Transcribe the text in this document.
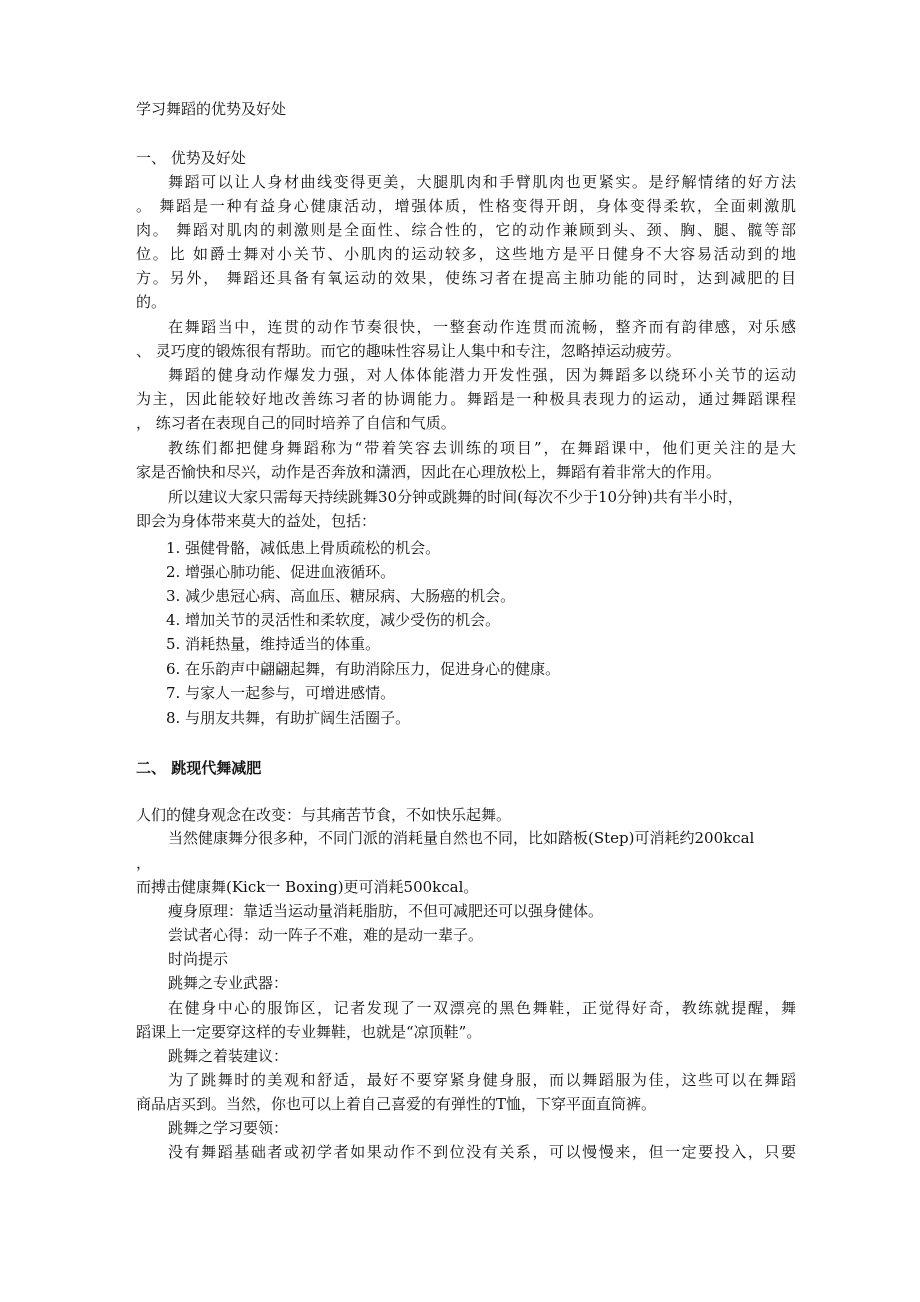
学习舞蹈的优势及好处
一、 优势及好处
舞蹈可以让人身材曲线变得更美，大腿肌肉和手臂肌肉也更紧实。是纾解情绪的好方法
。 舞蹈是一种有益身心健康活动，增强体质，性格变得开朗，身体变得柔软，全面刺激肌
肉。 舞蹈对肌肉的刺激则是全面性、综合性的，它的动作兼顾到头、颈、胸、腿、髋等部
位。比 如爵士舞对小关节、小肌肉的运动较多，这些地方是平日健身不大容易活动到的地
方。另外， 舞蹈还具备有氧运动的效果，使练习者在提高主肺功能的同时，达到减肥的目
的。
在舞蹈当中，连贯的动作节奏很快，一整套动作连贯而流畅，整齐而有韵律感，对乐感
、 灵巧度的锻炼很有帮助。而它的趣味性容易让人集中和专注，忽略掉运动疲劳。
舞蹈的健身动作爆发力强，对人体体能潜力开发性强，因为舞蹈多以绕环小关节的运动
为主，因此能较好地改善练习者的协调能力。舞蹈是一种极具表现力的运动，通过舞蹈课程
， 练习者在表现自己的同时培养了自信和气质。
教练们都把健身舞蹈称为“带着笑容去训练的项目”，在舞蹈课中，他们更关注的是大
家是否愉快和尽兴，动作是否奔放和潇洒，因此在心理放松上，舞蹈有着非常大的作用。
所以建议大家只需每天持续跳舞30分钟或跳舞的时间(每次不少于10分钟)共有半小时，
即会为身体带来莫大的益处，包括：
1. 强健骨骼，减低患上骨质疏松的机会。
2. 增强心肺功能、促进血液循环。
3. 减少患冠心病、高血压、糖尿病、大肠癌的机会。
4. 增加关节的灵活性和柔软度，减少受伤的机会。
5. 消耗热量，维持适当的体重。
6. 在乐韵声中翩翩起舞，有助消除压力，促进身心的健康。
7. 与家人一起参与，可增进感情。
8. 与朋友共舞，有助扩阔生活圈子。
二、 跳现代舞减肥
人们的健身观念在改变：与其痛苦节食，不如快乐起舞。
当然健康舞分很多种，不同门派的消耗量自然也不同，比如踏板(Step)可消耗约200kcal
，
而搏击健康舞(Kick一 Boxing)更可消耗500kcal。
瘦身原理：靠适当运动量消耗脂肪，不但可减肥还可以强身健体。
尝试者心得：动一阵子不难，难的是动一辈子。
时尚提示
跳舞之专业武器：
在健身中心的服饰区，记者发现了一双漂亮的黑色舞鞋，正觉得好奇，教练就提醒，舞
蹈课上一定要穿这样的专业舞鞋，也就是“凉顶鞋”。
跳舞之着装建议：
为了跳舞时的美观和舒适，最好不要穿紧身健身服，而以舞蹈服为佳，这些可以在舞蹈
商品店买到。当然，你也可以上着自己喜爱的有弹性的T恤，下穿平面直筒裤。
跳舞之学习要领：
没有舞蹈基础者或初学者如果动作不到位没有关系，可以慢慢来，但一定要投入，只要
